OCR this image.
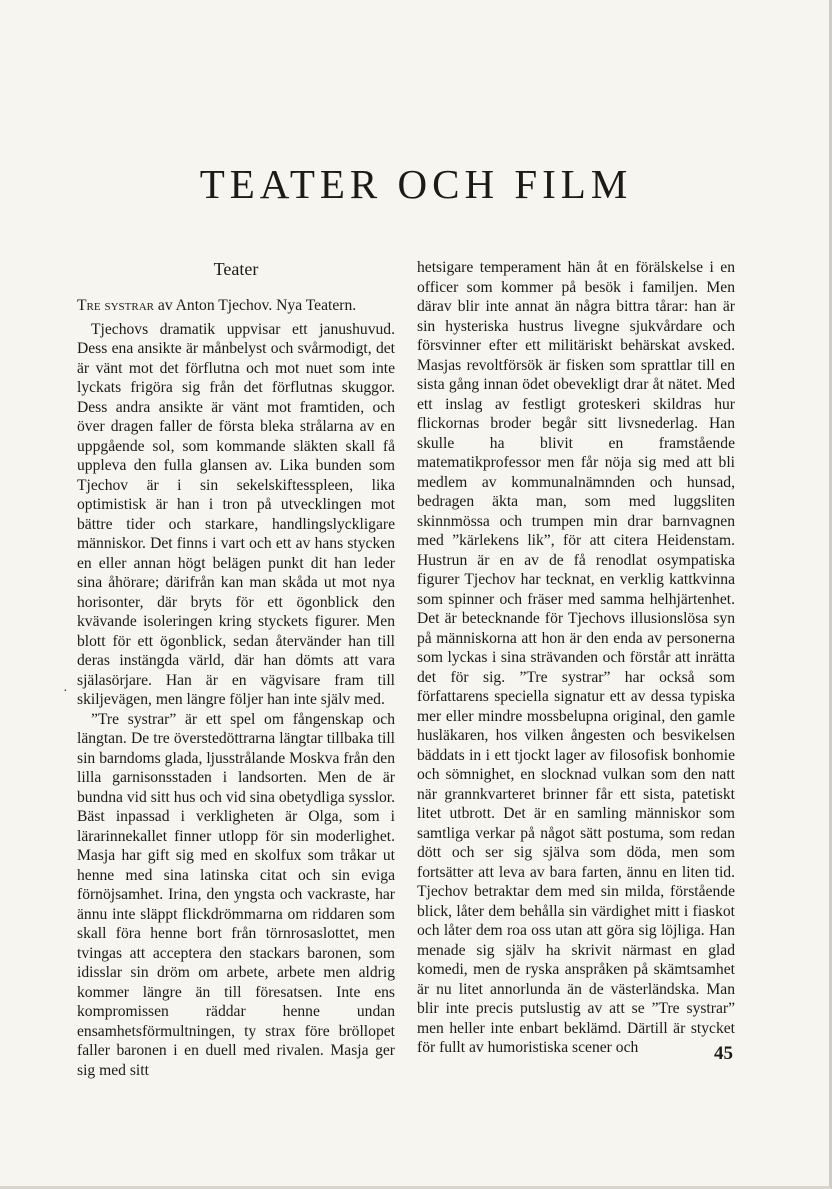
TEATER OCH FILM
Teater

Tre systrar av Anton Tjechov. Nya Teatern.

Tjechovs dramatik uppvisar ett janushuvud. Dess ena ansikte är månbelyst och svårmodigt, det är vänt mot det förflutna och mot nuet som inte lyckats frigöra sig från det förflutnas skuggor. Dess andra ansikte är vänt mot framtiden, och över dragen faller de första bleka strålarna av en uppgående sol, som kommande släkten skall få uppleva den fulla glansen av. Lika bunden som Tjechov är i sin sekelskiftesspleen, lika optimistisk är han i tron på utvecklingen mot bättre tider och starkare, handlingslyckligare människor. Det finns i vart och ett av hans stycken en eller annan högt belägen punkt dit han leder sina åhörare; därifrån kan man skåda ut mot nya horisonter, där bryts för ett ögonblick den kvävande isoleringen kring styckets figurer. Men blott för ett ögonblick, sedan återvänder han till deras instängda värld, där han dömts att vara själasörjare. Han är en vägvisare fram till skiljevägen, men längre följer han inte själv med.

”Tre systrar” är ett spel om fångenskap och längtan. De tre överstedöttrarna längtar tillbaka till sin barndoms glada, ljusstrålande Moskva från den lilla garnisonsstaden i landsorten. Men de är bundna vid sitt hus och vid sina obetydliga sysslor. Bäst inpassad i verkligheten är Olga, som i lärarinnekallet finner utlopp för sin moderlighet. Masja har gift sig med en skolfux som tråkar ut henne med sina latinska citat och sin eviga förnöjsamhet. Irina, den yngsta och vackraste, har ännu inte släppt flickdrömmarna om riddaren som skall föra henne bort från törnrosaslottet, men tvingas att acceptera den stackars baronen, som idisslar sin dröm om arbete, arbete men aldrig kommer längre än till föresatsen. Inte ens kompromissen räddar henne undan ensamhetsförmultningen, ty strax före bröllopet faller baronen i en duell med rivalen. Masja ger sig med sitt

hetsigare temperament hän åt en förälskelse i en officer som kommer på besök i familjen. Men därav blir inte annat än några bittra tårar: han är sin hysteriska hustrus livegne sjukvårdare och försvinner efter ett militäriskt behärskat avsked. Masjas revoltförsök är fisken som sprattlar till en sista gång innan ödet obevekligt drar åt nätet. Med ett inslag av festligt groteskeri skildras hur flickornas broder begår sitt livsnederlag. Han skulle ha blivit en framstående matematikprofessor men får nöja sig med att bli medlem av kommunalnämnden och hunsad, bedragen äkta man, som med luggsliten skinnmössa och trumpen min drar barnvagnen med ”kärlekens lik”, för att citera Heidenstam. Hustrun är en av de få renodlat osympatiska figurer Tjechov har tecknat, en verklig kattkvinna som spinner och fräser med samma helhjärtenhet. Det är betecknande för Tjechovs illusionslösa syn på människorna att hon är den enda av personerna som lyckas i sina strävanden och förstår att inrätta det för sig. ”Tre systrar” har också som författarens speciella signatur ett av dessa typiska mer eller mindre mossbelupna original, den gamle husläkaren, hos vilken ångesten och besvikelsen bäddats in i ett tjockt lager av filosofisk bonhomie och sömnighet, en slocknad vulkan som den natt när grannkvarteret brinner får ett sista, patetiskt litet utbrott. Det är en samling människor som samtliga verkar på något sätt postuma, som redan dött och ser sig själva som döda, men som fortsätter att leva av bara farten, ännu en liten tid. Tjechov betraktar dem med sin milda, förstående blick, låter dem behålla sin värdighet mitt i fiaskot och låter dem roa oss utan att göra sig löjliga. Han menade sig själv ha skrivit närmast en glad komedi, men de ryska anspråken på skämtsamhet är nu litet annorlunda än de västerländska. Man blir inte precis putslustig av att se ”Tre systrar” men heller inte enbart beklämd. Därtill är stycket för fullt av humoristiska scener och

·
45
